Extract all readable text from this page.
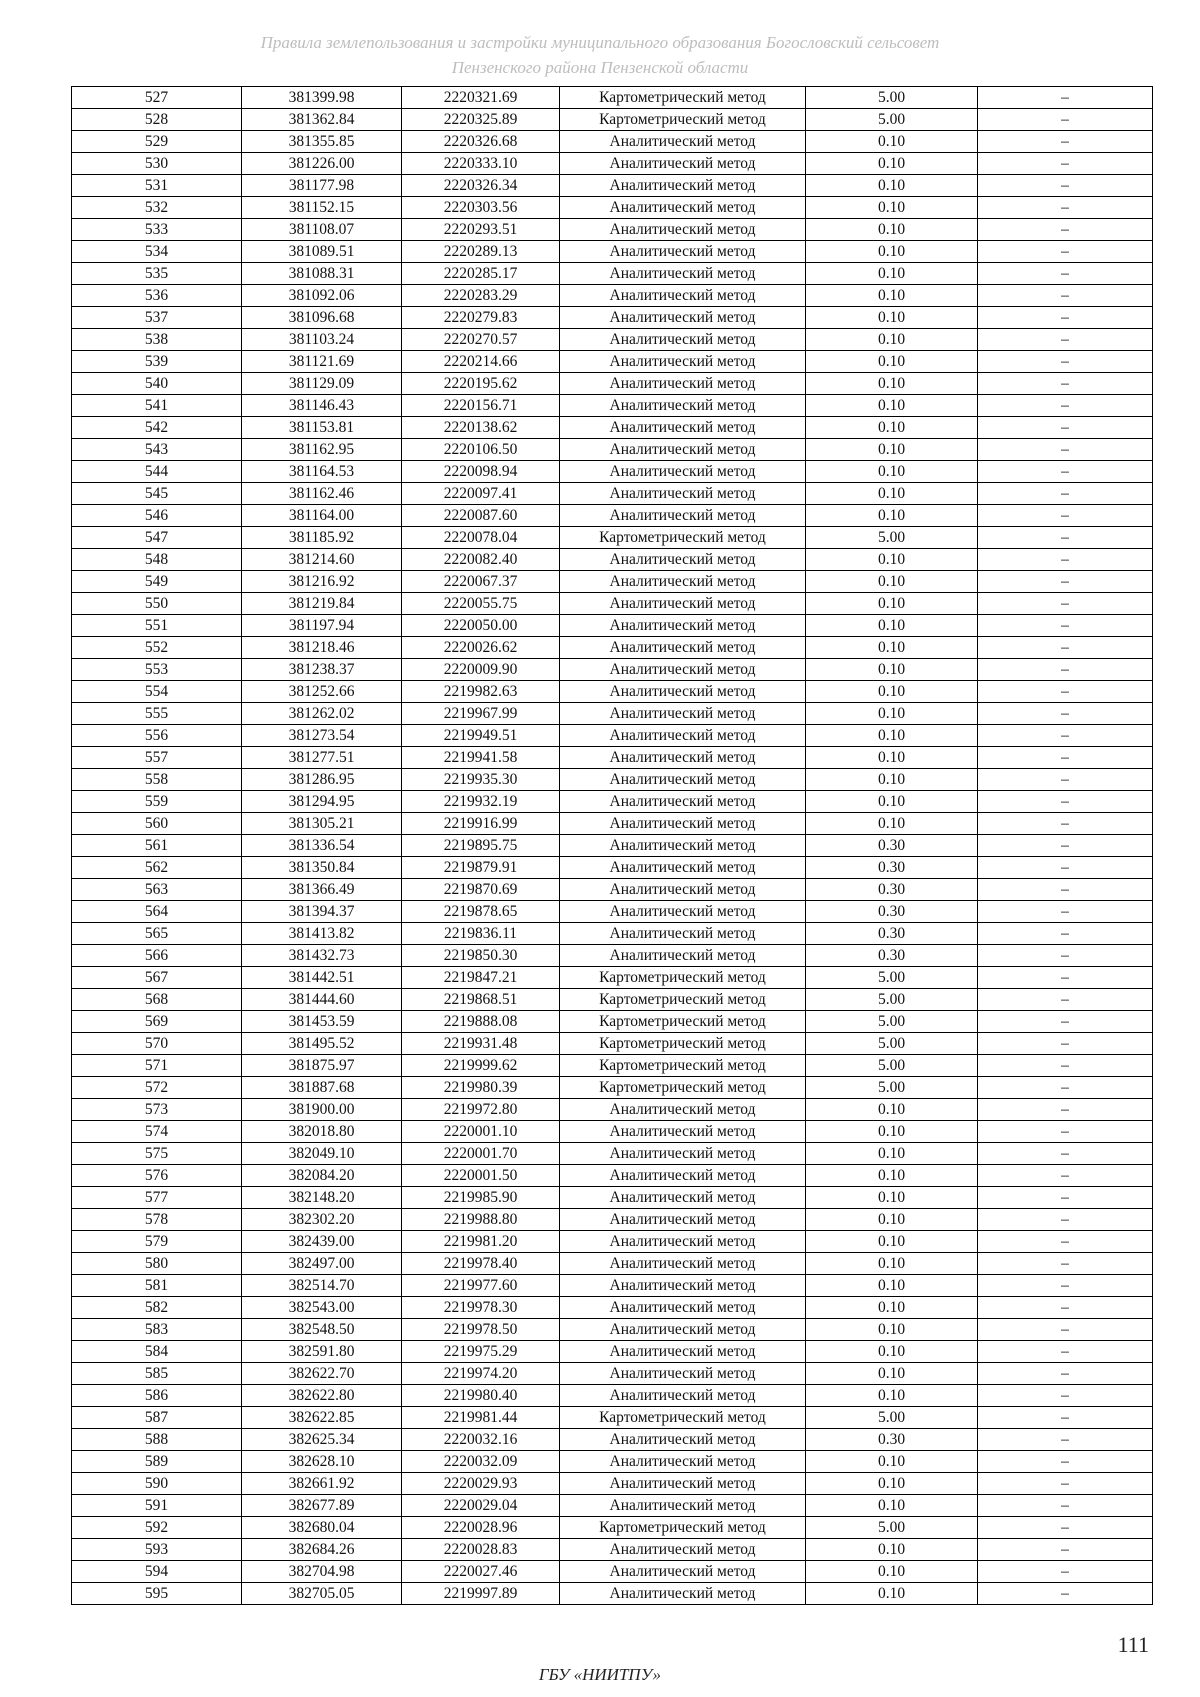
Правила землепользования и застройки муниципального образования Богословский сельсовет
Пензенского района Пензенской области
527	381399.98	2220321.69	Картометрический метод	5.00	–
528	381362.84	2220325.89	Картометрический метод	5.00	–
529	381355.85	2220326.68	Аналитический метод	0.10	–
530	381226.00	2220333.10	Аналитический метод	0.10	–
531	381177.98	2220326.34	Аналитический метод	0.10	–
532	381152.15	2220303.56	Аналитический метод	0.10	–
533	381108.07	2220293.51	Аналитический метод	0.10	–
534	381089.51	2220289.13	Аналитический метод	0.10	–
535	381088.31	2220285.17	Аналитический метод	0.10	–
536	381092.06	2220283.29	Аналитический метод	0.10	–
537	381096.68	2220279.83	Аналитический метод	0.10	–
538	381103.24	2220270.57	Аналитический метод	0.10	–
539	381121.69	2220214.66	Аналитический метод	0.10	–
540	381129.09	2220195.62	Аналитический метод	0.10	–
541	381146.43	2220156.71	Аналитический метод	0.10	–
542	381153.81	2220138.62	Аналитический метод	0.10	–
543	381162.95	2220106.50	Аналитический метод	0.10	–
544	381164.53	2220098.94	Аналитический метод	0.10	–
545	381162.46	2220097.41	Аналитический метод	0.10	–
546	381164.00	2220087.60	Аналитический метод	0.10	–
547	381185.92	2220078.04	Картометрический метод	5.00	–
548	381214.60	2220082.40	Аналитический метод	0.10	–
549	381216.92	2220067.37	Аналитический метод	0.10	–
550	381219.84	2220055.75	Аналитический метод	0.10	–
551	381197.94	2220050.00	Аналитический метод	0.10	–
552	381218.46	2220026.62	Аналитический метод	0.10	–
553	381238.37	2220009.90	Аналитический метод	0.10	–
554	381252.66	2219982.63	Аналитический метод	0.10	–
555	381262.02	2219967.99	Аналитический метод	0.10	–
556	381273.54	2219949.51	Аналитический метод	0.10	–
557	381277.51	2219941.58	Аналитический метод	0.10	–
558	381286.95	2219935.30	Аналитический метод	0.10	–
559	381294.95	2219932.19	Аналитический метод	0.10	–
560	381305.21	2219916.99	Аналитический метод	0.10	–
561	381336.54	2219895.75	Аналитический метод	0.30	–
562	381350.84	2219879.91	Аналитический метод	0.30	–
563	381366.49	2219870.69	Аналитический метод	0.30	–
564	381394.37	2219878.65	Аналитический метод	0.30	–
565	381413.82	2219836.11	Аналитический метод	0.30	–
566	381432.73	2219850.30	Аналитический метод	0.30	–
567	381442.51	2219847.21	Картометрический метод	5.00	–
568	381444.60	2219868.51	Картометрический метод	5.00	–
569	381453.59	2219888.08	Картометрический метод	5.00	–
570	381495.52	2219931.48	Картометрический метод	5.00	–
571	381875.97	2219999.62	Картометрический метод	5.00	–
572	381887.68	2219980.39	Картометрический метод	5.00	–
573	381900.00	2219972.80	Аналитический метод	0.10	–
574	382018.80	2220001.10	Аналитический метод	0.10	–
575	382049.10	2220001.70	Аналитический метод	0.10	–
576	382084.20	2220001.50	Аналитический метод	0.10	–
577	382148.20	2219985.90	Аналитический метод	0.10	–
578	382302.20	2219988.80	Аналитический метод	0.10	–
579	382439.00	2219981.20	Аналитический метод	0.10	–
580	382497.00	2219978.40	Аналитический метод	0.10	–
581	382514.70	2219977.60	Аналитический метод	0.10	–
582	382543.00	2219978.30	Аналитический метод	0.10	–
583	382548.50	2219978.50	Аналитический метод	0.10	–
584	382591.80	2219975.29	Аналитический метод	0.10	–
585	382622.70	2219974.20	Аналитический метод	0.10	–
586	382622.80	2219980.40	Аналитический метод	0.10	–
587	382622.85	2219981.44	Картометрический метод	5.00	–
588	382625.34	2220032.16	Аналитический метод	0.30	–
589	382628.10	2220032.09	Аналитический метод	0.10	–
590	382661.92	2220029.93	Аналитический метод	0.10	–
591	382677.89	2220029.04	Аналитический метод	0.10	–
592	382680.04	2220028.96	Картометрический метод	5.00	–
593	382684.26	2220028.83	Аналитический метод	0.10	–
594	382704.98	2220027.46	Аналитический метод	0.10	–
595	382705.05	2219997.89	Аналитический метод	0.10	–
111
ГБУ «НИИТПУ»
